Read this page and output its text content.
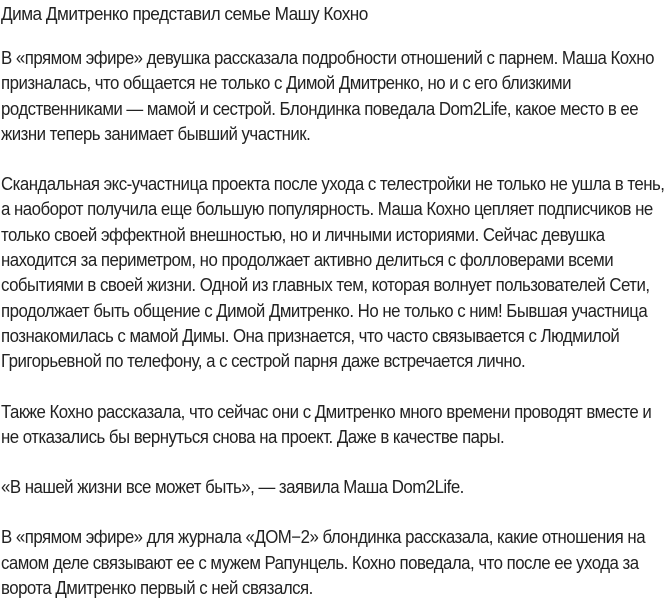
Дима Дмитренко представил семье Машу Кохно

В «прямом эфире» девушка рассказала подробности отношений с парнем. Маша Кохно призналась, что общается не только с Димой Дмитренко, но и с его близкими родственниками — мамой и сестрой. Блондинка поведала Dom2Life, какое место в ее жизни теперь занимает бывший участник.

Скандальная экс-участница проекта после ухода с телестройки не только не ушла в тень, а наоборот получила еще большую популярность. Маша Кохно цепляет подписчиков не только своей эффектной внешностью, но и личными историями. Сейчас девушка находится за периметром, но продолжает активно делиться с фолловерами всеми событиями в своей жизни. Одной из главных тем, которая волнует пользователей Сети, продолжает быть общение с Димой Дмитренко. Но не только с ним! Бывшая участница познакомилась с мамой Димы. Она признается, что часто связывается с Людмилой Григорьевной по телефону, а с сестрой парня даже встречается лично.

Также Кохно рассказала, что сейчас они с Дмитренко много времени проводят вместе и не отказались бы вернуться снова на проект. Даже в качестве пары.

«В нашей жизни все может быть», — заявила Маша Dom2Life.

В «прямом эфире» для журнала «ДОМ−2» блондинка рассказала, какие отношения на самом деле связывают ее с мужем Рапунцель. Кохно поведала, что после ее ухода за ворота Дмитренко первый с ней связался.
